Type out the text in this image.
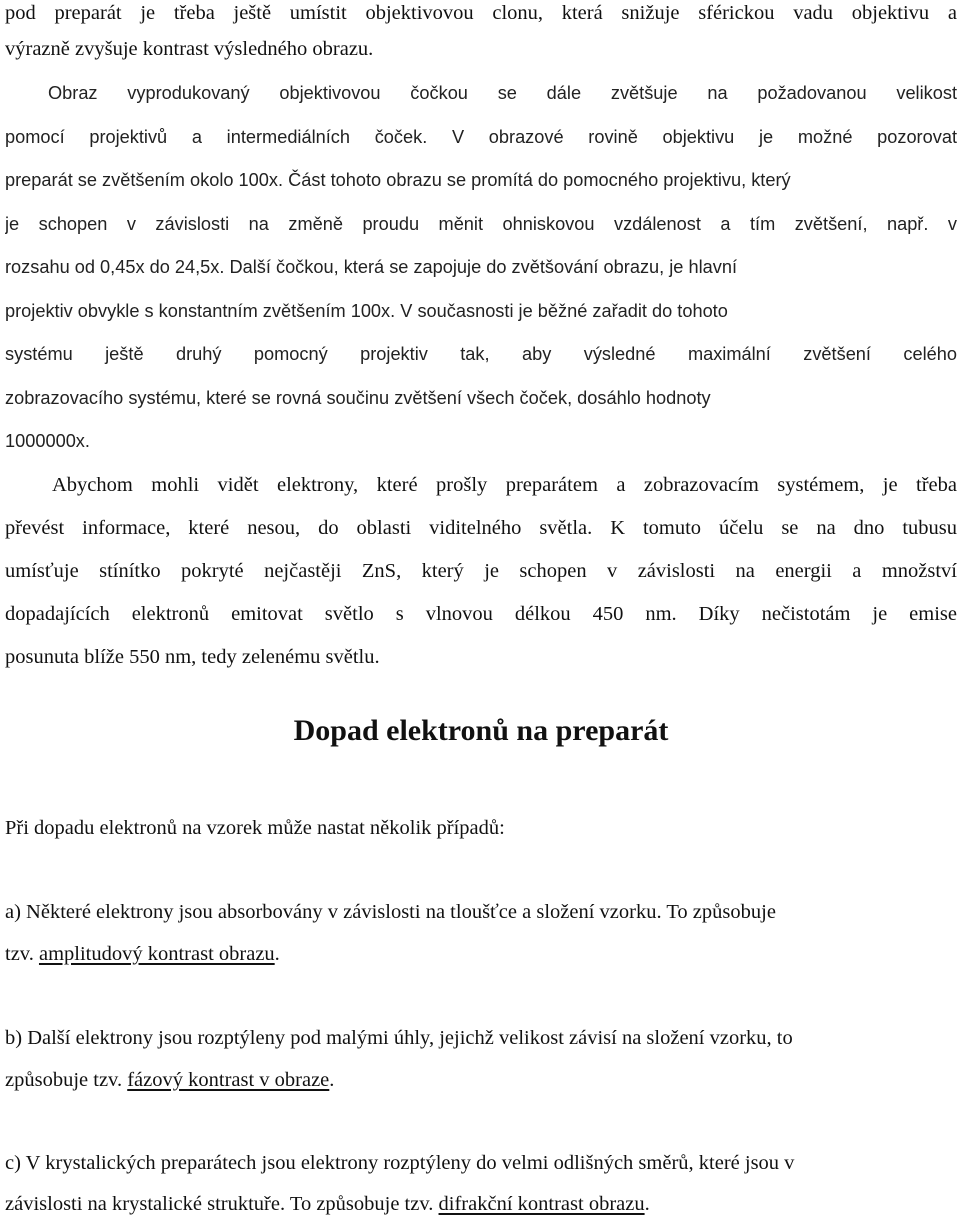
pod preparát je třeba ještě umístit objektivovou clonu, která snižuje sférickou vadu objektivu a
výrazně zvyšuje kontrast výsledného obrazu.
Obraz vyprodukovaný objektivovou čočkou se dále zvětšuje na požadovanou velikost
pomocí projektivů a intermediálních čoček. V obrazové rovině objektivu je možné pozorovat
preparát se zvětšením okolo 100x. Část tohoto obrazu se promítá do pomocného projektivu, který
je schopen v závislosti na změně proudu měnit ohniskovou vzdálenost a tím zvětšení, např. v
rozsahu od 0,45x do 24,5x. Další čočkou, která se zapojuje do zvětšování obrazu, je hlavní
projektiv obvykle s konstantním zvětšením 100x. V současnosti je běžné zařadit do tohoto
systému ještě druhý pomocný projektiv tak, aby výsledné maximální zvětšení celého
zobrazovacího systému, které se rovná součinu zvětšení všech čoček, dosáhlo hodnoty
1000000x.
Abychom mohli vidět elektrony, které prošly preparátem a zobrazovacím systémem, je třeba
převést informace, které nesou, do oblasti viditelného světla. K tomuto účelu se na dno tubusu
umísťuje stínítko pokryté nejčastěji ZnS, který je schopen v závislosti na energii a množství
dopadajících elektronů emitovat světlo s vlnovou délkou 450 nm. Díky nečistotám je emise
posunuta blíže 550 nm, tedy zelenému světlu.
Dopad elektronů na preparát
Při dopadu elektronů na vzorek může nastat několik případů:
a) Některé elektrony jsou absorbovány v závislosti na tloušťce a složení vzorku. To způsobuje
tzv. amplitudový kontrast obrazu.
b) Další elektrony jsou rozptýleny pod malými úhly, jejichž velikost závisí na složení vzorku, to
způsobuje tzv. fázový kontrast v obraze.
c) V krystalických preparátech jsou elektrony rozptýleny do velmi odlišných směrů, které jsou v
závislosti na krystalické struktuře. To způsobuje tzv. difrakční kontrast obrazu.
